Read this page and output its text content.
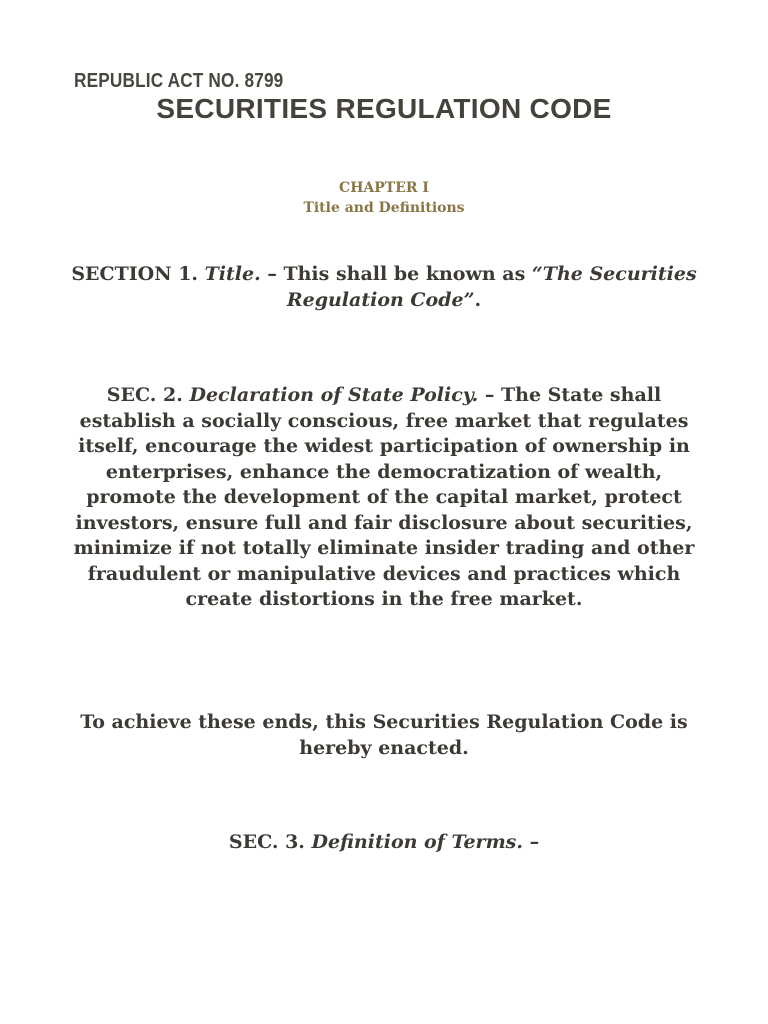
REPUBLIC ACT NO. 8799

SECURITIES REGULATION CODE
CHAPTER I
Title and Definitions

SECTION 1. Title. – This shall be known as “The Securities Regulation Code”.

SEC. 2. Declaration of State Policy. – The State shall establish a socially conscious, free market that regulates itself, encourage the widest participation of ownership in enterprises, enhance the democratization of wealth, promote the development of the capital market, protect investors, ensure full and fair disclosure about securities, minimize if not totally eliminate insider trading and other fraudulent or manipulative devices and practices which create distortions in the free market.

To achieve these ends, this Securities Regulation Code is hereby enacted.

SEC. 3. Definition of Terms. –
